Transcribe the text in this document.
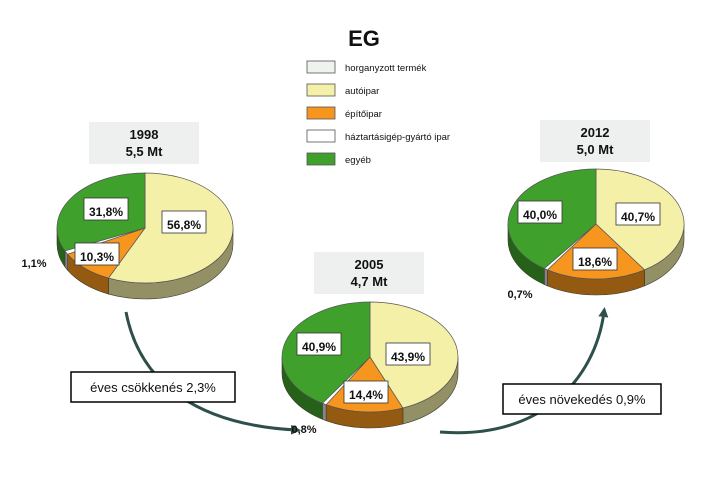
EG
horganyzott termék
autóipar
építőipar
háztartásigép-gyártó ipar
egyéb
éves csökkenés 2,3%
éves növekedés 0,9%
1998
5,5 Mt
56,8%
10,3%
1,1%
31,8%
2005
4,7 Mt
43,9%
14,4%
0,8%
40,9%
2012
5,0 Mt
40,7%
18,6%
0,7%
40,0%
